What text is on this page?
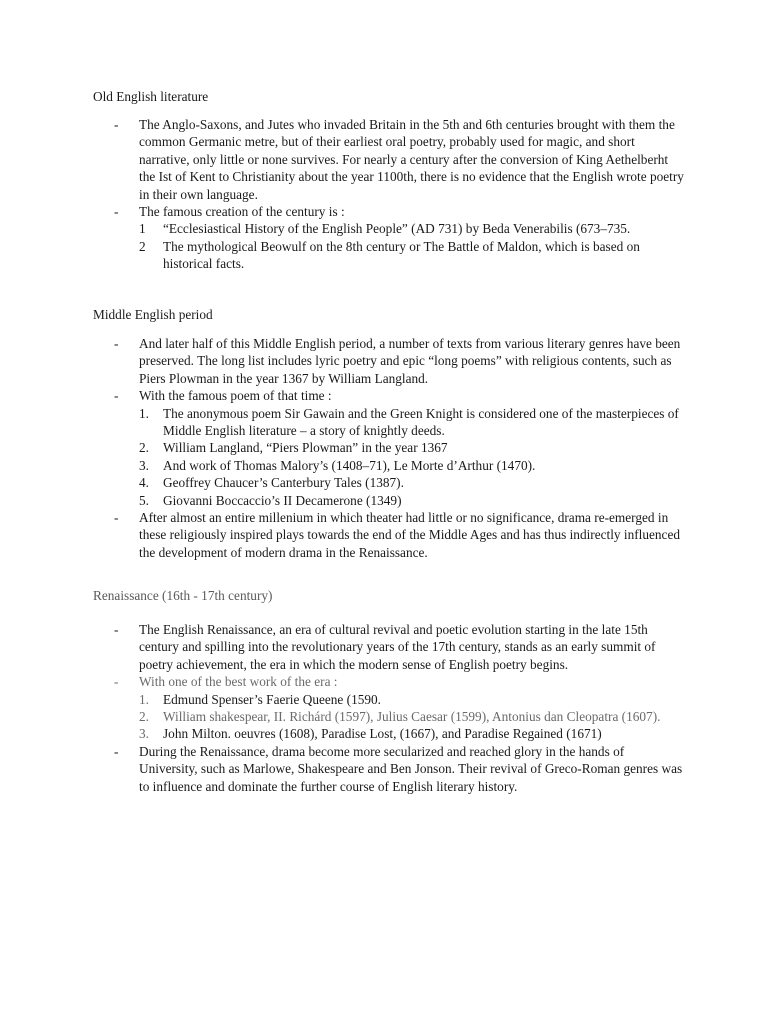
Old English literature
- The Anglo-Saxons, and Jutes who invaded Britain in the 5th and 6th centuries brought with them the common Germanic metre, but of their earliest oral poetry, probably used for magic, and short narrative, only little or none survives. For nearly a century after the conversion of King Aethelberht the Ist of Kent to Christianity about the year 1100th, there is no evidence that the English wrote poetry in their own language.
- The famous creation of the century is :
1 “Ecclesiastical History of the English People” (AD 731) by Beda Venerabilis (673–735.
2 The mythological Beowulf on the 8th century or The Battle of Maldon, which is based on historical facts.
Middle English period
- And later half of this Middle English period, a number of texts from various literary genres have been preserved. The long list includes lyric poetry and epic “long poems” with religious contents, such as Piers Plowman in the year 1367 by William Langland.
- With the famous poem of that time :
1. The anonymous poem Sir Gawain and the Green Knight is considered one of the masterpieces of Middle English literature – a story of knightly deeds.
2. William Langland, “Piers Plowman” in the year 1367
3. And work of Thomas Malory’s (1408–71), Le Morte d’Arthur (1470).
4. Geoffrey Chaucer’s Canterbury Tales (1387).
5. Giovanni Boccaccio’s II Decamerone (1349)
- After almost an entire millenium in which theater had little or no significance, drama re-emerged in these religiously inspired plays towards the end of the Middle Ages and has thus indirectly influenced the development of modern drama in the Renaissance.
Renaissance (16th - 17th century)
- The English Renaissance, an era of cultural revival and poetic evolution starting in the late 15th century and spilling into the revolutionary years of the 17th century, stands as an early summit of poetry achievement, the era in which the modern sense of English poetry begins.
- With one of the best work of the era :
1. Edmund Spenser’s Faerie Queene (1590.
2. William shakespear, II. Richárd (1597), Julius Caesar (1599), Antonius dan Cleopatra (1607).
3. John Milton. oeuvres (1608), Paradise Lost, (1667), and Paradise Regained (1671)
- During the Renaissance, drama become more secularized and reached glory in the hands of University, such as Marlowe, Shakespeare and Ben Jonson. Their revival of Greco-Roman genres was to influence and dominate the further course of English literary history.
